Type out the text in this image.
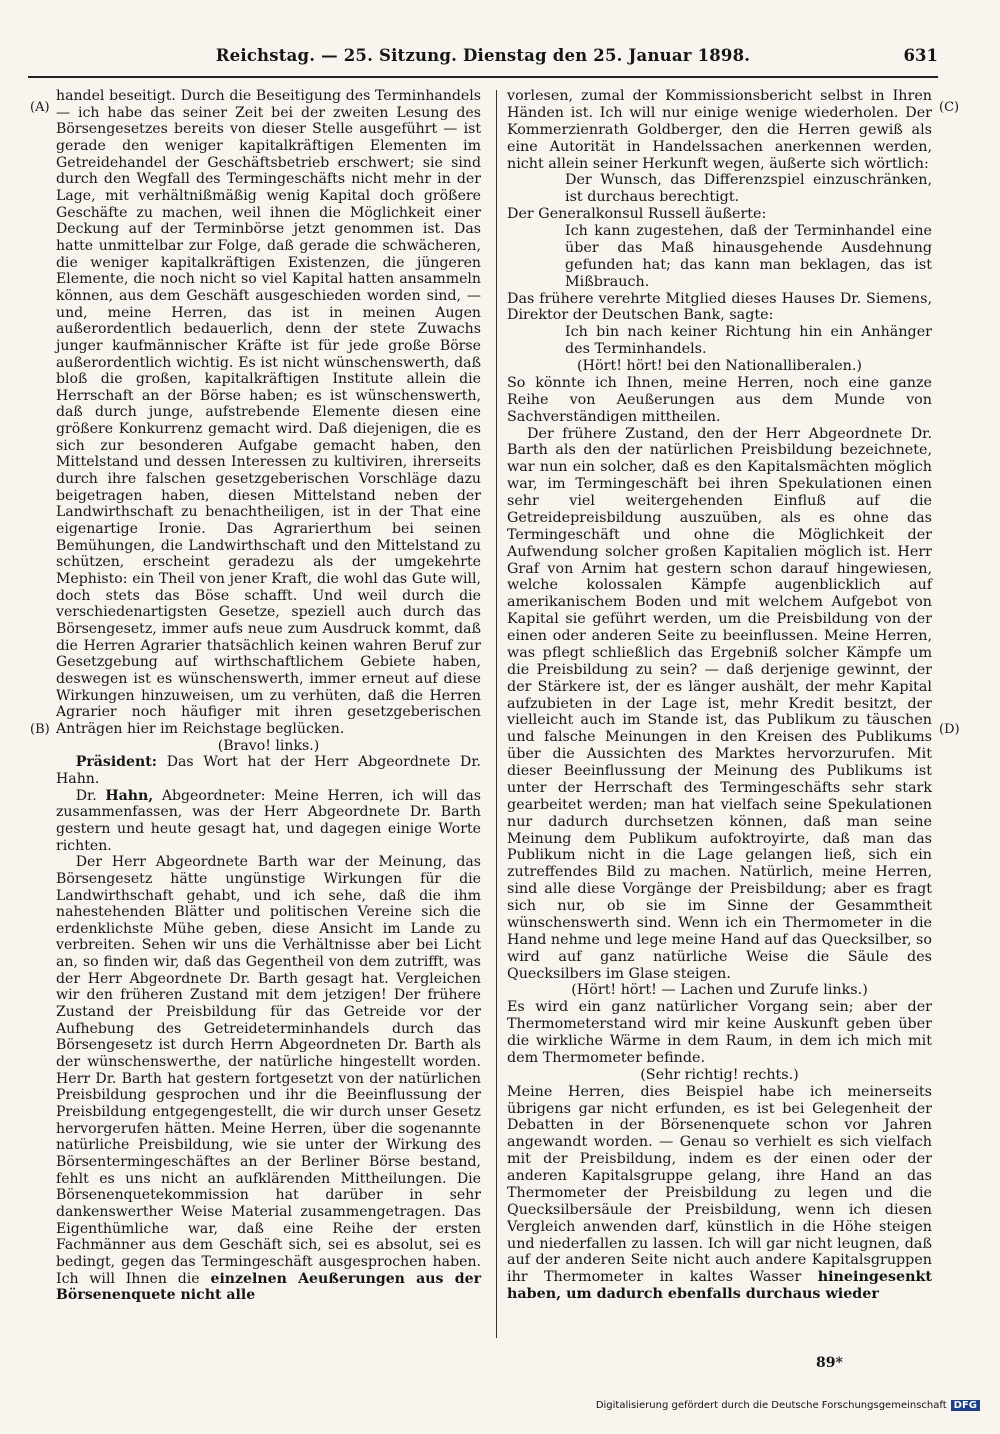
Reichstag. — 25. Sitzung. Dienstag den 25. Januar 1898.	631
(A)
(B)
(C)
(D)

handel beseitigt. Durch die Beseitigung des Terminhandels — ich habe das seiner Zeit bei der zweiten Lesung des Börsengesetzes bereits von dieser Stelle ausgeführt — ist gerade den weniger kapitalkräftigen Elementen im Getreidehandel der Geschäftsbetrieb erschwert; sie sind durch den Wegfall des Termingeschäfts nicht mehr in der Lage, mit verhältnißmäßig wenig Kapital doch größere Geschäfte zu machen, weil ihnen die Möglichkeit einer Deckung auf der Terminbörse jetzt genommen ist. Das hatte unmittelbar zur Folge, daß gerade die schwächeren, die weniger kapitalkräftigen Existenzen, die jüngeren Elemente, die noch nicht so viel Kapital hatten ansammeln können, aus dem Geschäft ausgeschieden worden sind, — und, meine Herren, das ist in meinen Augen außerordentlich bedauerlich, denn der stete Zuwachs junger kaufmännischer Kräfte ist für jede große Börse außerordentlich wichtig. Es ist nicht wünschenswerth, daß bloß die großen, kapitalkräftigen Institute allein die Herrschaft an der Börse haben; es ist wünschenswerth, daß durch junge, aufstrebende Elemente diesen eine größere Konkurrenz gemacht wird. Daß diejenigen, die es sich zur besonderen Aufgabe gemacht haben, den Mittelstand und dessen Interessen zu kultiviren, ihrerseits durch ihre falschen gesetzgeberischen Vorschläge dazu beigetragen haben, diesen Mittelstand neben der Landwirthschaft zu benachtheiligen, ist in der That eine eigenartige Ironie. Das Agrarierthum bei seinen Bemühungen, die Landwirthschaft und den Mittelstand zu schützen, erscheint geradezu als der umgekehrte Mephisto: ein Theil von jener Kraft, die wohl das Gute will, doch stets das Böse schafft. Und weil durch die verschiedenartigsten Gesetze, speziell auch durch das Börsengesetz, immer aufs neue zum Ausdruck kommt, daß die Herren Agrarier thatsächlich keinen wahren Beruf zur Gesetzgebung auf wirthschaftlichem Gebiete haben, deswegen ist es wünschenswerth, immer erneut auf diese Wirkungen hinzuweisen, um zu verhüten, daß die Herren Agrarier noch häufiger mit ihren gesetzgeberischen Anträgen hier im Reichstage beglücken.

(Bravo! links.)

Präsident: Das Wort hat der Herr Abgeordnete Dr. Hahn.

Dr. Hahn, Abgeordneter: Meine Herren, ich will das zusammenfassen, was der Herr Abgeordnete Dr. Barth gestern und heute gesagt hat, und dagegen einige Worte richten.

Der Herr Abgeordnete Barth war der Meinung, das Börsengesetz hätte ungünstige Wirkungen für die Landwirthschaft gehabt, und ich sehe, daß die ihm nahestehenden Blätter und politischen Vereine sich die erdenklichste Mühe geben, diese Ansicht im Lande zu verbreiten. Sehen wir uns die Verhältnisse aber bei Licht an, so finden wir, daß das Gegentheil von dem zutrifft, was der Herr Abgeordnete Dr. Barth gesagt hat. Vergleichen wir den früheren Zustand mit dem jetzigen! Der frühere Zustand der Preisbildung für das Getreide vor der Aufhebung des Getreideterminhandels durch das Börsengesetz ist durch Herrn Abgeordneten Dr. Barth als der wünschenswerthe, der natürliche hingestellt worden. Herr Dr. Barth hat gestern fortgesetzt von der natürlichen Preisbildung gesprochen und ihr die Beeinflussung der Preisbildung entgegengestellt, die wir durch unser Gesetz hervorgerufen hätten. Meine Herren, über die sogenannte natürliche Preisbildung, wie sie unter der Wirkung des Börsentermingeschäftes an der Berliner Börse bestand, fehlt es uns nicht an aufklärenden Mittheilungen. Die Börsenenquetekommission hat darüber in sehr dankenswerther Weise Material zusammengetragen. Das Eigenthümliche war, daß eine Reihe der ersten Fachmänner aus dem Geschäft sich, sei es absolut, sei es bedingt, gegen das Termingeschäft ausgesprochen haben. Ich will Ihnen die einzelnen Aeußerungen aus der Börsenenquete nicht alle

vorlesen, zumal der Kommissionsbericht selbst in Ihren Händen ist. Ich will nur einige wenige wiederholen. Der Kommerzienrath Goldberger, den die Herren gewiß als eine Autorität in Handelssachen anerkennen werden, nicht allein seiner Herkunft wegen, äußerte sich wörtlich:

Der Wunsch, das Differenzspiel einzuschränken, ist durchaus berechtigt.

Der Generalkonsul Russell äußerte:

Ich kann zugestehen, daß der Terminhandel eine über das Maß hinausgehende Ausdehnung gefunden hat; das kann man beklagen, das ist Mißbrauch.

Das frühere verehrte Mitglied dieses Hauses Dr. Siemens, Direktor der Deutschen Bank, sagte:

Ich bin nach keiner Richtung hin ein Anhänger des Terminhandels.

(Hört! hört! bei den Nationalliberalen.)

So könnte ich Ihnen, meine Herren, noch eine ganze Reihe von Aeußerungen aus dem Munde von Sachverständigen mittheilen.

Der frühere Zustand, den der Herr Abgeordnete Dr. Barth als den der natürlichen Preisbildung bezeichnete, war nun ein solcher, daß es den Kapitalsmächten möglich war, im Termingeschäft bei ihren Spekulationen einen sehr viel weitergehenden Einfluß auf die Getreidepreisbildung auszuüben, als es ohne das Termingeschäft und ohne die Möglichkeit der Aufwendung solcher großen Kapitalien möglich ist. Herr Graf von Arnim hat gestern schon darauf hingewiesen, welche kolossalen Kämpfe augenblicklich auf amerikanischem Boden und mit welchem Aufgebot von Kapital sie geführt werden, um die Preisbildung von der einen oder anderen Seite zu beeinflussen. Meine Herren, was pflegt schließlich das Ergebniß solcher Kämpfe um die Preisbildung zu sein? — daß derjenige gewinnt, der der Stärkere ist, der es länger aushält, der mehr Kapital aufzubieten in der Lage ist, mehr Kredit besitzt, der vielleicht auch im Stande ist, das Publikum zu täuschen und falsche Meinungen in den Kreisen des Publikums über die Aussichten des Marktes hervorzurufen. Mit dieser Beeinflussung der Meinung des Publikums ist unter der Herrschaft des Termingeschäfts sehr stark gearbeitet werden; man hat vielfach seine Spekulationen nur dadurch durchsetzen können, daß man seine Meinung dem Publikum aufoktroyirte, daß man das Publikum nicht in die Lage gelangen ließ, sich ein zutreffendes Bild zu machen. Natürlich, meine Herren, sind alle diese Vorgänge der Preisbildung; aber es fragt sich nur, ob sie im Sinne der Gesammtheit wünschenswerth sind. Wenn ich ein Thermometer in die Hand nehme und lege meine Hand auf das Quecksilber, so wird auf ganz natürliche Weise die Säule des Quecksilbers im Glase steigen.

(Hört! hört! — Lachen und Zurufe links.)

Es wird ein ganz natürlicher Vorgang sein; aber der Thermometerstand wird mir keine Auskunft geben über die wirkliche Wärme in dem Raum, in dem ich mich mit dem Thermometer befinde.

(Sehr richtig! rechts.)

Meine Herren, dies Beispiel habe ich meinerseits übrigens gar nicht erfunden, es ist bei Gelegenheit der Debatten in der Börsenenquete schon vor Jahren angewandt worden. — Genau so verhielt es sich vielfach mit der Preisbildung, indem es der einen oder der anderen Kapitalsgruppe gelang, ihre Hand an das Thermometer der Preisbildung zu legen und die Quecksilbersäule der Preisbildung, wenn ich diesen Vergleich anwenden darf, künstlich in die Höhe steigen und niederfallen zu lassen. Ich will gar nicht leugnen, daß auf der anderen Seite nicht auch andere Kapitalsgruppen ihr Thermometer in kaltes Wasser hineingesenkt haben, um dadurch ebenfalls durchaus wieder

89*
Digitalisierung gefördert durch die Deutsche Forschungsgemeinschaft DFG
